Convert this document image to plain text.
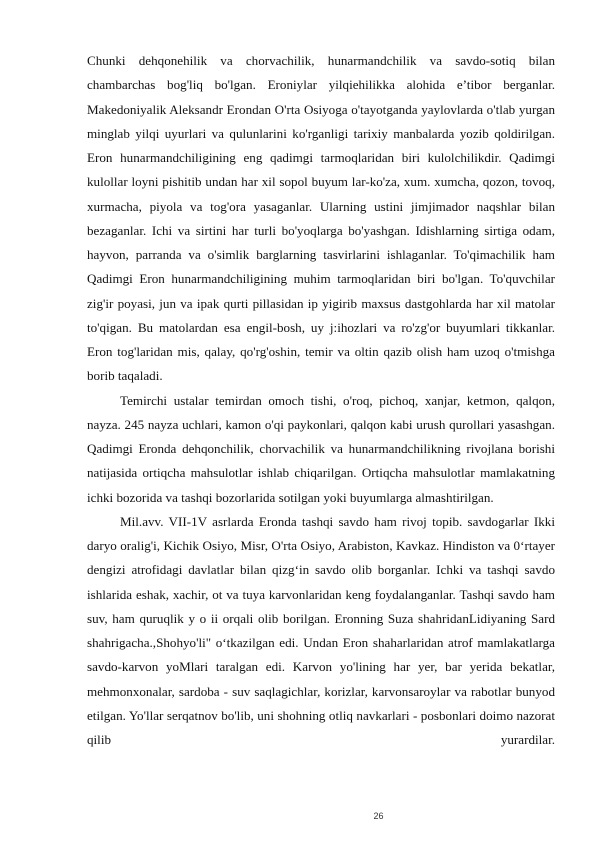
Chunki dehqonehilik va chorvachilik, hunarmandchilik va savdo-sotiq bilan chambarchas bog'liq bo'lgan. Eroniylar yilqiehilikka alohida e’tibor berganlar. Makedoniyalik Aleksandr Erondan O'rta Osiyoga o'tayotganda yaylovlarda o'tlab yurgan minglab yilqi uyurlari va qulunlarini ko'rganligi tarixiy manbalarda yozib qoldirilgan. Eron hunarmandchiligining eng qadimgi tarmoqlaridan biri kulolchilikdir. Qadimgi kulollar loyni pishitib undan har xil sopol buyum lar-ko'za, xum. xumcha, qozon, tovoq, xurmacha, piyola va tog'ora yasaganlar. Ularning ustini jimjimador naqshlar bilan bezaganlar. Ichi va sirtini har turli bo'yoqlarga bo'yashgan. Idishlarning sirtiga odam, hayvon, parranda va o'simlik barglarning tasvirlarini ishlaganlar. To'qimachilik ham Qadimgi Eron hunarmandchiligining muhim tarmoqlaridan biri bo'lgan. To'quvchilar zig'ir poyasi, jun va ipak qurti pillasidan ip yigirib maxsus dastgohlarda har xil matolar to'qigan. Bu matolardan esa engil-bosh, uy j:ihozlari va ro'zg'or buyumlari tikkanlar. Eron tog'laridan mis, qalay, qo'rg'oshin, temir va oltin qazib olish ham uzoq o'tmishga borib taqaladi.

Temirchi ustalar temirdan omoch tishi, o'roq, pichoq, xanjar, ketmon, qalqon, nayza. 245 nayza uchlari, kamon o'qi paykonlari, qalqon kabi urush qurollari yasashgan. Qadimgi Eronda dehqonchilik, chorvachilik va hunarmandchilikning rivojlana borishi natijasida ortiqcha mahsulotlar ishlab chiqarilgan. Ortiqcha mahsulotlar mamlakatning ichki bozorida va tashqi bozorlarida sotilgan yoki buyumlarga almashtirilgan.

Mil.avv. VII-1V asrlarda Eronda tashqi savdo ham rivoj topib. savdogarlar Ikki daryo oralig'i, Kichik Osiyo, Misr, O'rta Osiyo, Arabiston, Kavkaz. Hindiston va 0‘rtayer dengizi atrofidagi davlatlar bilan qizg‘in savdo olib borganlar. Ichki va tashqi savdo ishlarida eshak, xachir, ot va tuya karvonlaridan keng foydalanganlar. Tashqi savdo ham suv, ham quruqlik y o ii orqali olib borilgan. Eronning Suza shahridanLidiyaning Sard shahrigacha.,Shohyo'li" o‘tkazilgan edi. Undan Eron shaharlaridan atrof mamlakatlarga savdo-karvon yoMlari taralgan edi. Karvon yo'lining har yer, bar yerida bekatlar, mehmonxonalar, sardoba - suv saqlagichlar, korizlar, karvonsaroylar va rabotlar bunyod etilgan. Yo'llar serqatnov bo'lib, uni shohning otliq navkarlari - posbonlari doimo nazorat qilib yurardilar.

26
